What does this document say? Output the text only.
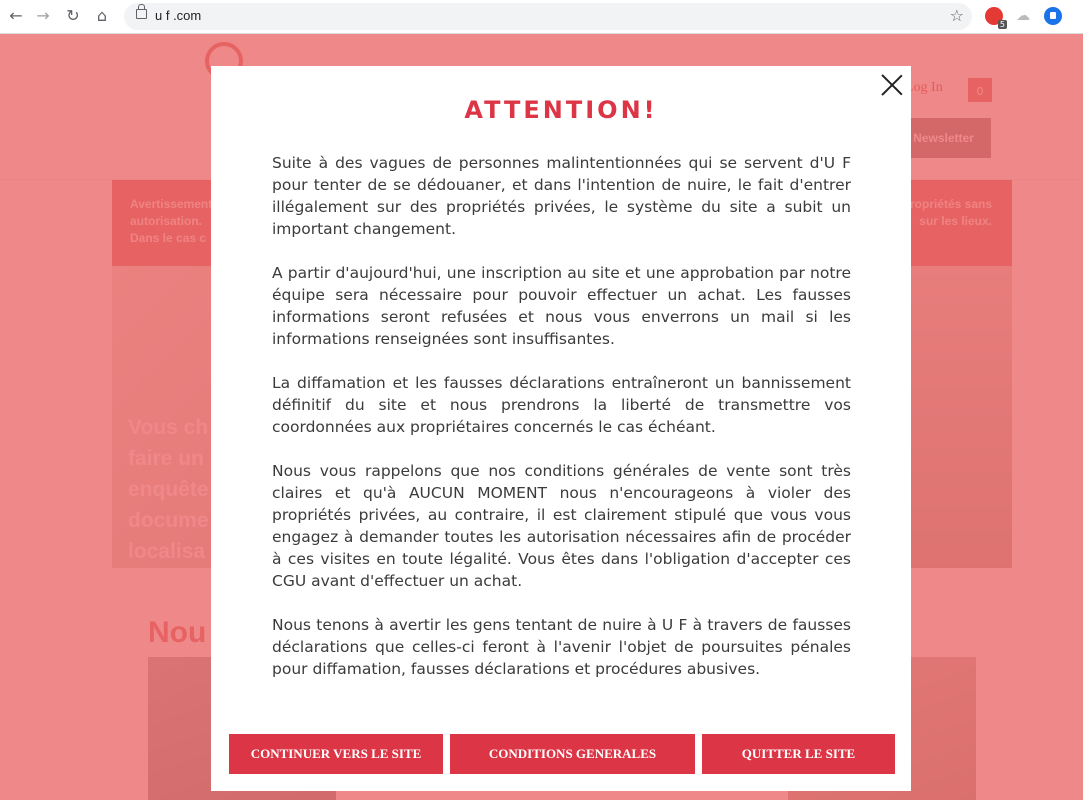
← → ↻	⌂	u f .com	☆	5
☁
ATTENTION!

Suite à des vagues de personnes malintentionnées qui se servent d'U F pour tenter de se dédouaner, et dans l'intention de nuire, le fait d'entrer illégalement sur des propriétés privées, le système du site a subit un important changement.

A partir d'aujourd'hui, une inscription au site et une approbation par notre équipe sera nécessaire pour pouvoir effectuer un achat. Les fausses informations seront refusées et nous vous enverrons un mail si les informations renseignées sont insuffisantes.

La diffamation et les fausses déclarations entraîneront un bannissement définitif du site et nous prendrons la liberté de transmettre vos coordonnées aux propriétaires concernés le cas échéant.

Nous vous rappelons que nos conditions générales de vente sont très claires et qu'à AUCUN MOMENT nous n'encourageons à violer des propriétés privées, au contraire, il est clairement stipulé que vous vous engagez à demander toutes les autorisation nécessaires afin de procéder à ces visites en toute légalité. Vous êtes dans l'obligation d'accepter ces CGU avant d'effectuer un achat.

Nous tenons à avertir les gens tentant de nuire à U F à travers de fausses déclarations que celles-ci feront à l'avenir l'objet de poursuites pénales pour diffamation, fausses déclarations et procédures abusives.

CONTINUER VERS LE SITE	CONDITIONS GENERALES	QUITTER LE SITE
